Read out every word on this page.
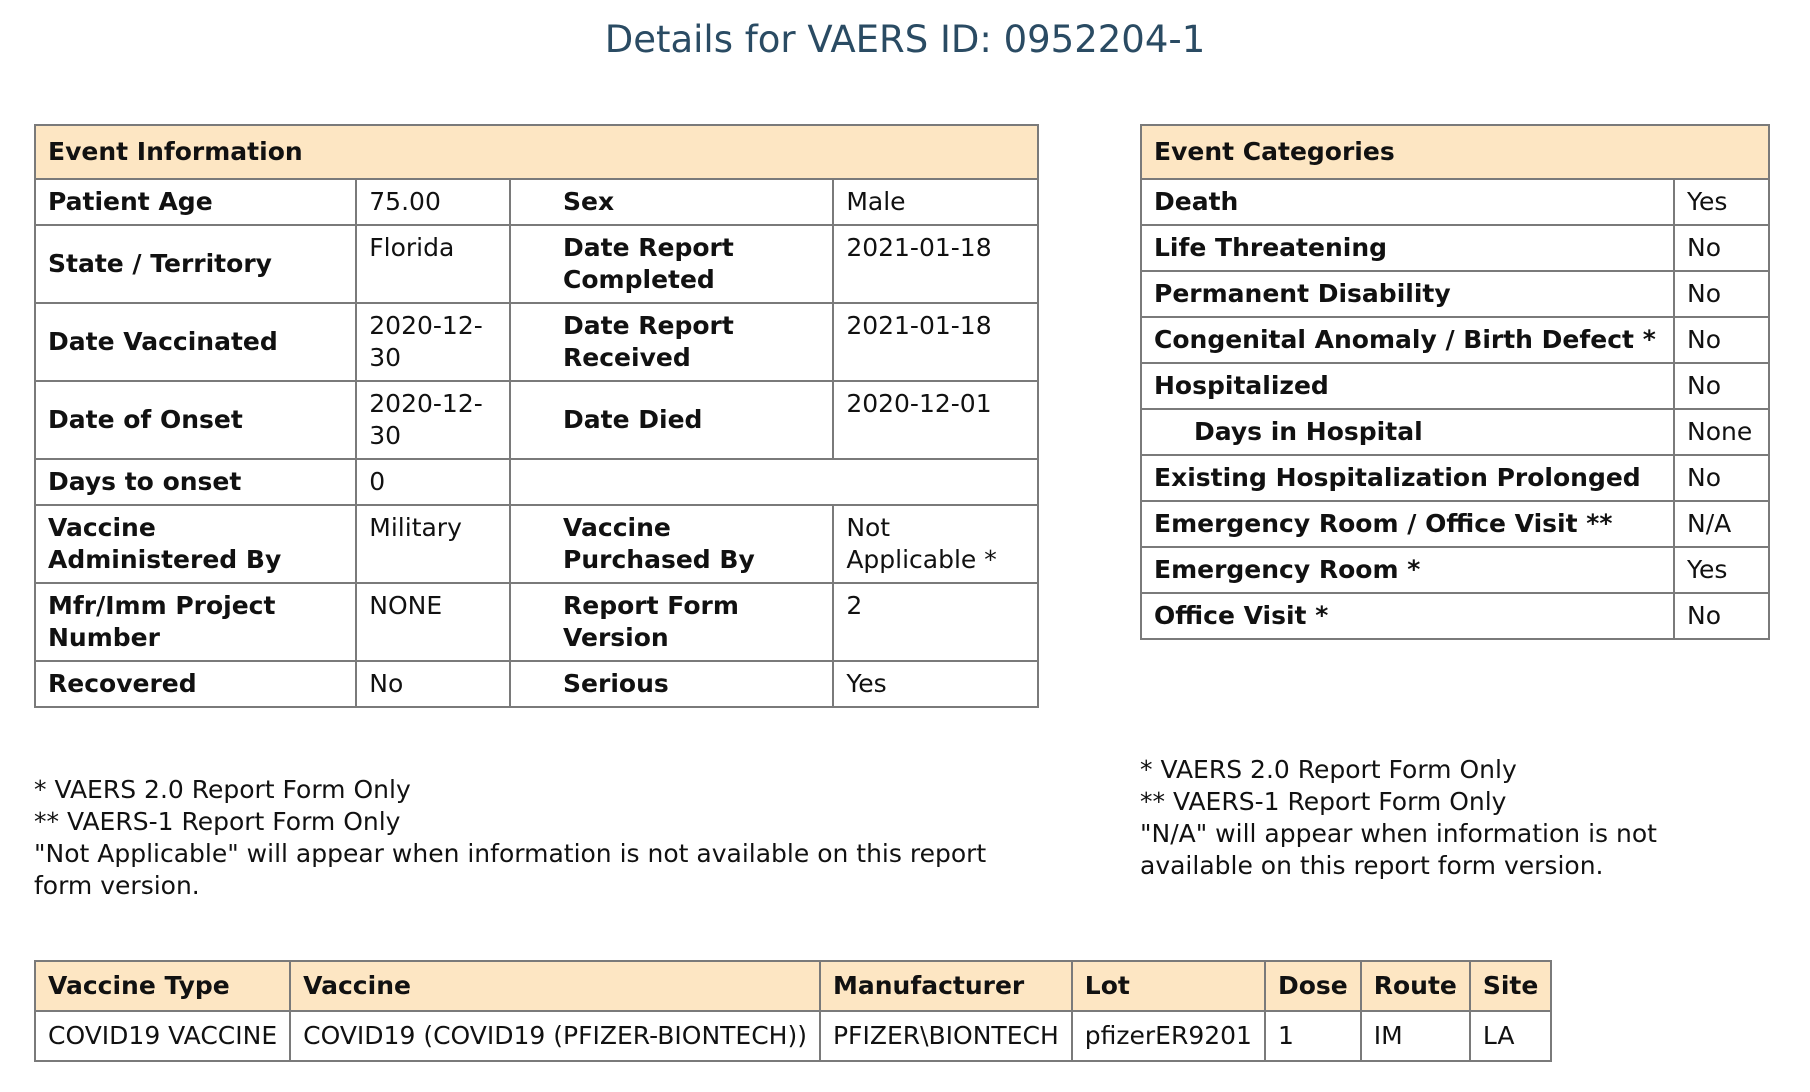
Details for VAERS ID: 0952204-1
Event Information			
Patient Age	75.00	Sex	Male
State / Territory	Florida	Date Report Completed	2021-01-18
Date Vaccinated	2020-12-30	Date Report Received	2021-01-18
Date of Onset	2020-12-30	Date Died	2020-12-01
Days to onset	0		
Vaccine Administered By	Military	Vaccine Purchased By	Not Applicable *
Mfr/Imm Project Number	NONE	Report Form Version	2
Recovered	No	Serious	Yes
* VAERS 2.0 Report Form Only
** VAERS-1 Report Form Only
"Not Applicable" will appear when information is not available on this report form version.
Event Categories	
Death	Yes
Life Threatening	No
Permanent Disability	No
Congenital Anomaly / Birth Defect *	No
Hospitalized	No
Days in Hospital	None
Existing Hospitalization Prolonged	No
Emergency Room / Office Visit **	N/A
Emergency Room *	Yes
Office Visit *	No
* VAERS 2.0 Report Form Only
** VAERS-1 Report Form Only
"N/A" will appear when information is not available on this report form version.
Vaccine Type	Vaccine	Manufacturer	Lot	Dose	Route	Site
COVID19 VACCINE	COVID19 (COVID19 (PFIZER-BIONTECH))	PFIZER\BIONTECH	pfizerER9201	1	IM	LA
